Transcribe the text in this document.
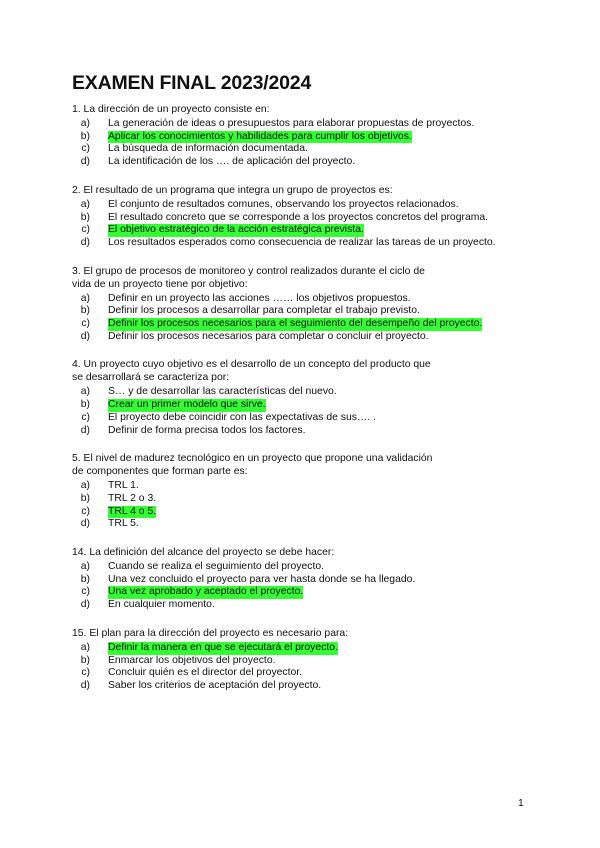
EXAMEN FINAL 2023/2024
1. La dirección de un proyecto consiste en:
a)	La generación de ideas o presupuestos para elaborar propuestas de proyectos.
b)	Aplicar los conocimientos y habilidades para cumplir los objetivos.
c)	La búsqueda de información documentada.
d)	La identificación de los …. de aplicación del proyecto.
2. El resultado de un programa que integra un grupo de proyectos es:
a)	El conjunto de resultados comunes, observando los proyectos relacionados.
b)	El resultado concreto que se corresponde a los proyectos concretos del programa.
c)	El objetivo estratégico de la acción estratégica prevista.
d)	Los resultados esperados como consecuencia de realizar las tareas de un proyecto.
3. El grupo de procesos de monitoreo y control realizados durante el ciclo de
vida de un proyecto tiene por objetivo:
a)	Definir en un proyecto las acciones …… los objetivos propuestos.
b)	Definir los procesos a desarrollar para completar el trabajo previsto.
c)	Definir los procesos necesarios para el seguimiento del desempeño del proyecto.
d)	Definir los procesos necesarios para completar o concluir el proyecto.
4. Un proyecto cuyo objetivo es el desarrollo de un concepto del producto que
se desarrollará se caracteriza por:
a)	S… y de desarrollar las características del nuevo.
b)	Crear un primer modelo que sirve.
c)	El proyecto debe coincidir con las expectativas de sus…. .
d)	Definir de forma precisa todos los factores.
5. El nivel de madurez tecnológico en un proyecto que propone una validación
de componentes que forman parte es:
a)	TRL 1.
b)	TRL 2 o 3.
c)	TRL 4 o 5.
d)	TRL 5.
14. La definición del alcance del proyecto se debe hacer:
a)	Cuando se realiza el seguimiento del proyecto.
b)	Una vez concluido el proyecto para ver hasta donde se ha llegado.
c)	Una vez aprobado y aceptado el proyecto.
d)	En cualquier momento.
15. El plan para la dirección del proyecto es necesario para:
a)	Definir la manera en que se ejecutará el proyecto.
b)	Enmarcar los objetivos del proyecto.
c)	Concluir quién es el director del proyector.
d)	Saber los criterios de aceptación del proyecto.
1
